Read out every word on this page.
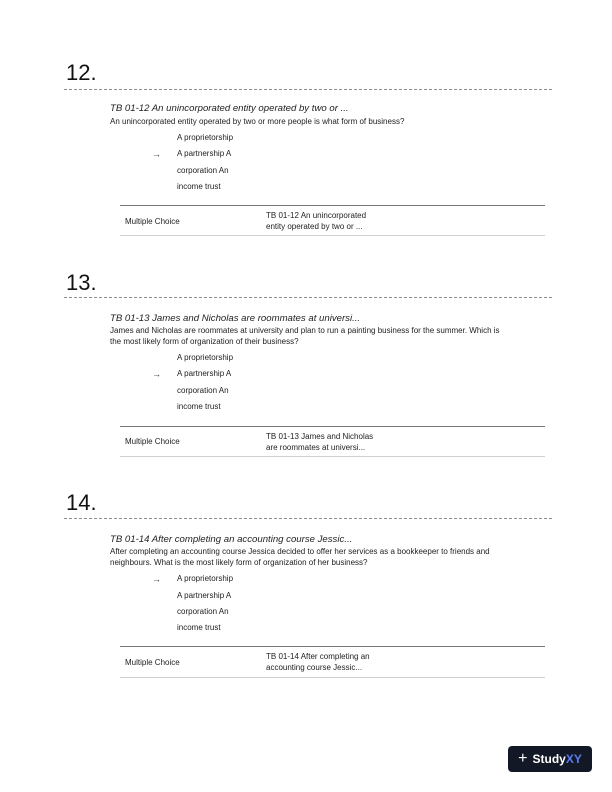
12.
TB 01-12 An unincorporated entity operated by two or ...
An unincorporated entity operated by two or more people is what form of business?
→
A proprietorship
A partnership A
corporation An
income trust
Multiple Choice
TB 01-12 An unincorporated
entity operated by two or ...
13.
TB 01-13 James and Nicholas are roommates at universi...
James and Nicholas are roommates at university and plan to run a painting business for the summer. Which is
the most likely form of organization of their business?
→
A proprietorship
A partnership A
corporation An
income trust
Multiple Choice
TB 01-13 James and Nicholas
are roommates at universi...
14.
TB 01-14 After completing an accounting course Jessic...
After completing an accounting course Jessica decided to offer her services as a bookkeeper to friends and
neighbours. What is the most likely form of organization of her business?
→ A proprietorship
A partnership A
corporation An
income trust
Multiple Choice
TB 01-14 After completing an
accounting course Jessic...
+ Study XY
